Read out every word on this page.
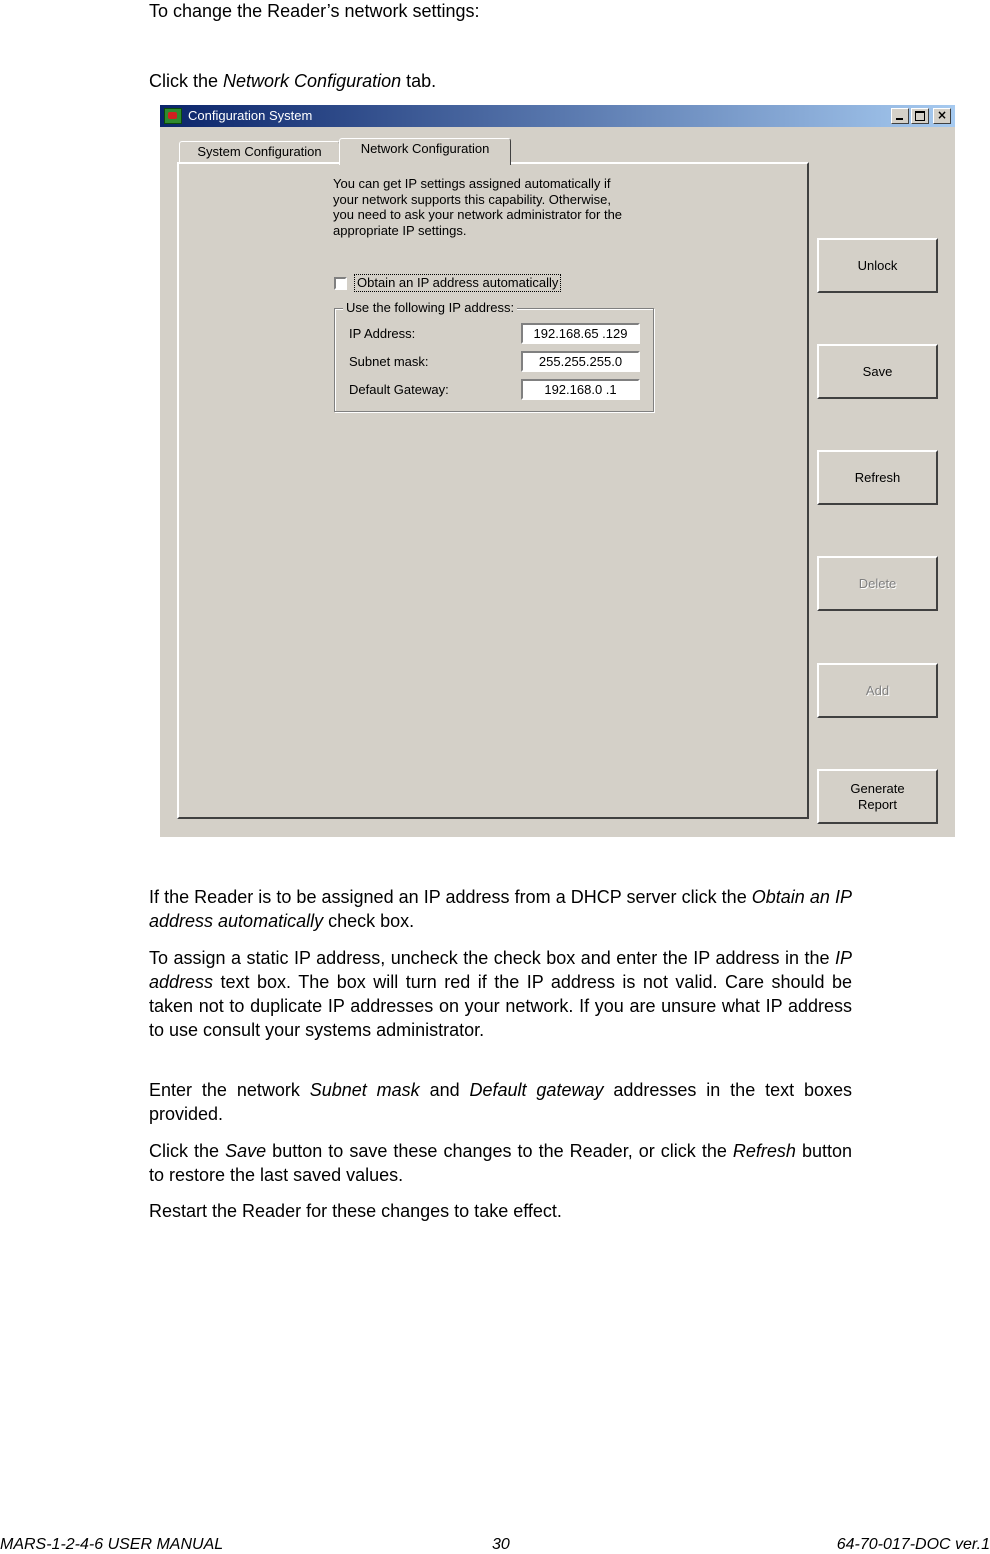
To change the Reader’s network settings:
Click the Network Configuration tab.
Configuration System	×
System Configuration	Network Configuration
You can get IP settings assigned automatically if
your network supports this capability. Otherwise,
you need to ask your network administrator for the
appropriate IP settings.
Obtain an IP address automatically
Use the following IP address:
IP Address:	192.168.65 .129
Subnet mask:	255.255.255.0
Default Gateway:	192.168.0 .1
Unlock
Save
Refresh
Delete
Add
Generate
Report
If the Reader is to be assigned an IP address from a DHCP server click the Obtain an IP address automatically check box.
To assign a static IP address, uncheck the check box and enter the IP address in the IP address text box. The box will turn red if the IP address is not valid. Care should be taken not to duplicate IP addresses on your network. If you are unsure what IP address to use consult your systems administrator.
Enter the network Subnet mask and Default gateway addresses in the text boxes provided.
Click the Save button to save these changes to the Reader, or click the Refresh button to restore the last saved values.
Restart the Reader for these changes to take effect.
MARS-1-2-4-6 USER MANUAL	30	64-70-017-DOC ver.1
